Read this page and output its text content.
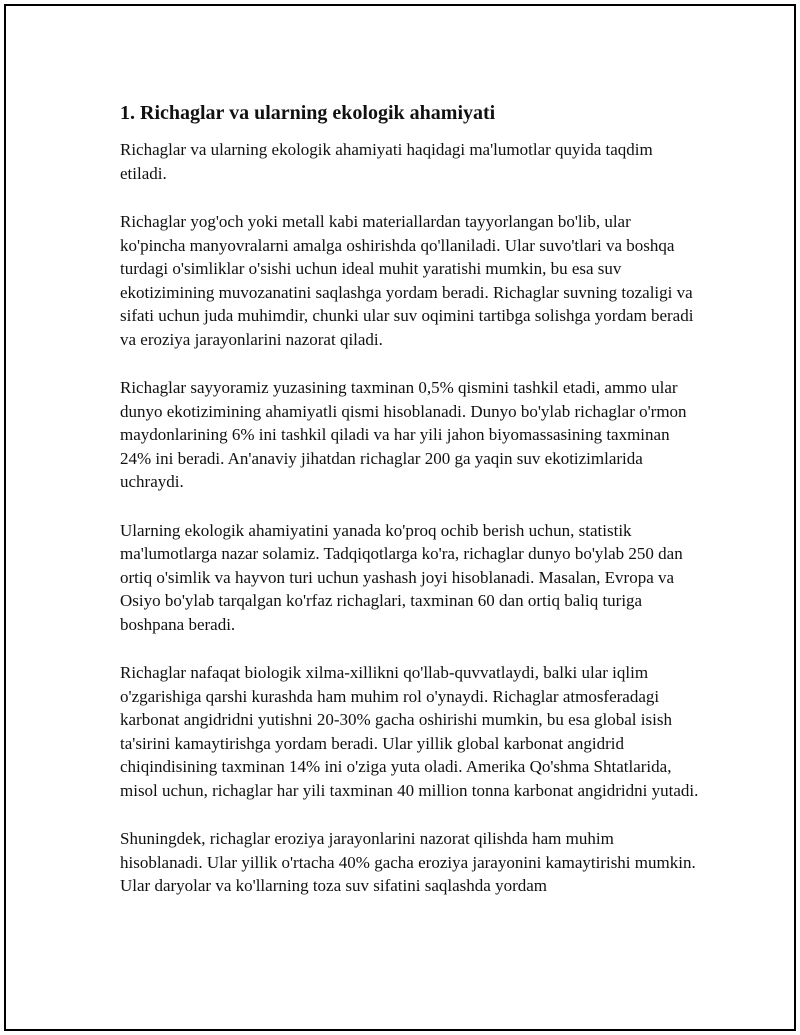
1. Richaglar va ularning ekologik ahamiyati

Richaglar va ularning ekologik ahamiyati haqidagi ma'lumotlar quyida taqdim etiladi.

Richaglar yog'och yoki metall kabi materiallardan tayyorlangan bo'lib, ular ko'pincha manyovralarni amalga oshirishda qo'llaniladi. Ular suvo'tlari va boshqa turdagi o'simliklar o'sishi uchun ideal muhit yaratishi mumkin, bu esa suv ekotizimining muvozanatini saqlashga yordam beradi. Richaglar suvning tozaligi va sifati uchun juda muhimdir, chunki ular suv oqimini tartibga solishga yordam beradi va eroziya jarayonlarini nazorat qiladi.

Richaglar sayyoramiz yuzasining taxminan 0,5% qismini tashkil etadi, ammo ular dunyo ekotizimining ahamiyatli qismi hisoblanadi. Dunyo bo'ylab richaglar o'rmon maydonlarining 6% ini tashkil qiladi va har yili jahon biyomassasining taxminan 24% ini beradi. An'anaviy jihatdan richaglar 200 ga yaqin suv ekotizimlarida uchraydi.

Ularning ekologik ahamiyatini yanada ko'proq ochib berish uchun, statistik ma'lumotlarga nazar solamiz. Tadqiqotlarga ko'ra, richaglar dunyo bo'ylab 250 dan ortiq o'simlik va hayvon turi uchun yashash joyi hisoblanadi. Masalan, Evropa va Osiyo bo'ylab tarqalgan ko'rfaz richaglari, taxminan 60 dan ortiq baliq turiga boshpana beradi.

Richaglar nafaqat biologik xilma-xillikni qo'llab-quvvatlaydi, balki ular iqlim o'zgarishiga qarshi kurashda ham muhim rol o'ynaydi. Richaglar atmosferadagi karbonat angidridni yutishni 20-30% gacha oshirishi mumkin, bu esa global isish ta'sirini kamaytirishga yordam beradi. Ular yillik global karbonat angidrid chiqindisining taxminan 14% ini o'ziga yuta oladi. Amerika Qo'shma Shtatlarida, misol uchun, richaglar har yili taxminan 40 million tonna karbonat angidridni yutadi.

Shuningdek, richaglar eroziya jarayonlarini nazorat qilishda ham muhim hisoblanadi. Ular yillik o'rtacha 40% gacha eroziya jarayonini kamaytirishi mumkin. Ular daryolar va ko'llarning toza suv sifatini saqlashda yordam
